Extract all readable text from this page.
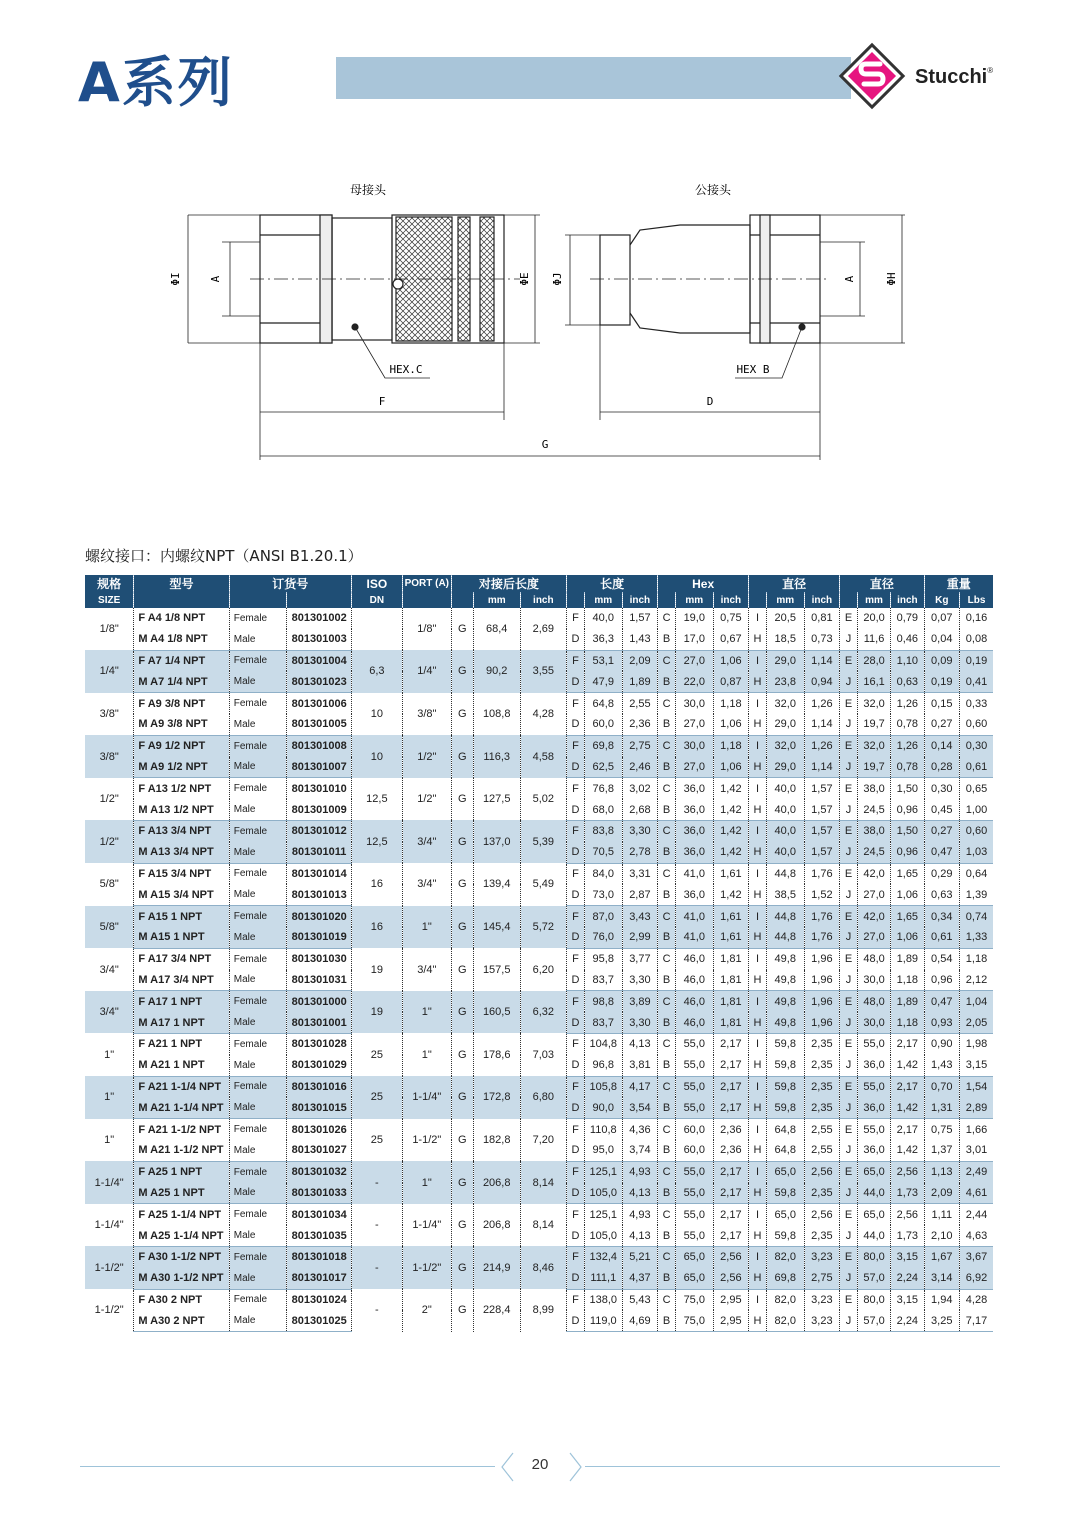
A系列	Stucchi®
母接头	公接头
ΦI A	ΦE ΦJ	A	ΦH
HEX.C	HEX B
F	D
G
螺纹接口：内螺纹NPT（ANSI B1.20.1）
规格	型号	订货号		ISO	PORT (A)	对接后长度			长度			Hex			直径			直径			重量	
SIZE				DN			mm	inch		mm	inch		mm	inch		mm	inch		mm	inch	Kg	Lbs
1/8"	F A4 1/8 NPT	Female	801301002		1/8"	G	68,4	2,69	F	40,0	1,57	C	19,0	0,75	I	20,5	0,81	E	20,0	0,79	0,07	0,16
	M A4 1/8 NPT	Male	801301003						D	36,3	1,43	B	17,0	0,67	H	18,5	0,73	J	11,6	0,46	0,04	0,08
1/4"	F A7 1/4 NPT	Female	801301004	6,3	1/4"	G	90,2	3,55	F	53,1	2,09	C	27,0	1,06	I	29,0	1,14	E	28,0	1,10	0,09	0,19
	M A7 1/4 NPT	Male	801301023						D	47,9	1,89	B	22,0	0,87	H	23,8	0,94	J	16,1	0,63	0,19	0,41
3/8"	F A9 3/8 NPT	Female	801301006	10	3/8"	G	108,8	4,28	F	64,8	2,55	C	30,0	1,18	I	32,0	1,26	E	32,0	1,26	0,15	0,33
	M A9 3/8 NPT	Male	801301005						D	60,0	2,36	B	27,0	1,06	H	29,0	1,14	J	19,7	0,78	0,27	0,60
3/8"	F A9 1/2 NPT	Female	801301008	10	1/2"	G	116,3	4,58	F	69,8	2,75	C	30,0	1,18	I	32,0	1,26	E	32,0	1,26	0,14	0,30
	M A9 1/2 NPT	Male	801301007						D	62,5	2,46	B	27,0	1,06	H	29,0	1,14	J	19,7	0,78	0,28	0,61
1/2"	F A13 1/2 NPT	Female	801301010	12,5	1/2"	G	127,5	5,02	F	76,8	3,02	C	36,0	1,42	I	40,0	1,57	E	38,0	1,50	0,30	0,65
	M A13 1/2 NPT	Male	801301009						D	68,0	2,68	B	36,0	1,42	H	40,0	1,57	J	24,5	0,96	0,45	1,00
1/2"	F A13 3/4 NPT	Female	801301012	12,5	3/4"	G	137,0	5,39	F	83,8	3,30	C	36,0	1,42	I	40,0	1,57	E	38,0	1,50	0,27	0,60
	M A13 3/4 NPT	Male	801301011						D	70,5	2,78	B	36,0	1,42	H	40,0	1,57	J	24,5	0,96	0,47	1,03
5/8"	F A15 3/4 NPT	Female	801301014	16	3/4"	G	139,4	5,49	F	84,0	3,31	C	41,0	1,61	I	44,8	1,76	E	42,0	1,65	0,29	0,64
	M A15 3/4 NPT	Male	801301013						D	73,0	2,87	B	36,0	1,42	H	38,5	1,52	J	27,0	1,06	0,63	1,39
5/8"	F A15 1 NPT	Female	801301020	16	1"	G	145,4	5,72	F	87,0	3,43	C	41,0	1,61	I	44,8	1,76	E	42,0	1,65	0,34	0,74
	M A15 1 NPT	Male	801301019						D	76,0	2,99	B	41,0	1,61	H	44,8	1,76	J	27,0	1,06	0,61	1,33
3/4"	F A17 3/4 NPT	Female	801301030	19	3/4"	G	157,5	6,20	F	95,8	3,77	C	46,0	1,81	I	49,8	1,96	E	48,0	1,89	0,54	1,18
	M A17 3/4 NPT	Male	801301031						D	83,7	3,30	B	46,0	1,81	H	49,8	1,96	J	30,0	1,18	0,96	2,12
3/4"	F A17 1 NPT	Female	801301000	19	1"	G	160,5	6,32	F	98,8	3,89	C	46,0	1,81	I	49,8	1,96	E	48,0	1,89	0,47	1,04
	M A17 1 NPT	Male	801301001						D	83,7	3,30	B	46,0	1,81	H	49,8	1,96	J	30,0	1,18	0,93	2,05
1"	F A21 1 NPT	Female	801301028	25	1"	G	178,6	7,03	F	104,8	4,13	C	55,0	2,17	I	59,8	2,35	E	55,0	2,17	0,90	1,98
	M A21 1 NPT	Male	801301029						D	96,8	3,81	B	55,0	2,17	H	59,8	2,35	J	36,0	1,42	1,43	3,15
1"	F A21 1-1/4 NPT	Female	801301016	25	1-1/4"	G	172,8	6,80	F	105,8	4,17	C	55,0	2,17	I	59,8	2,35	E	55,0	2,17	0,70	1,54
	M A21 1-1/4 NPT	Male	801301015						D	90,0	3,54	B	55,0	2,17	H	59,8	2,35	J	36,0	1,42	1,31	2,89
1"	F A21 1-1/2 NPT	Female	801301026	25	1-1/2"	G	182,8	7,20	F	110,8	4,36	C	60,0	2,36	I	64,8	2,55	E	55,0	2,17	0,75	1,66
	M A21 1-1/2 NPT	Male	801301027						D	95,0	3,74	B	60,0	2,36	H	64,8	2,55	J	36,0	1,42	1,37	3,01
1-1/4"	F A25 1 NPT	Female	801301032	-	1"	G	206,8	8,14	F	125,1	4,93	C	55,0	2,17	I	65,0	2,56	E	65,0	2,56	1,13	2,49
	M A25 1 NPT	Male	801301033						D	105,0	4,13	B	55,0	2,17	H	59,8	2,35	J	44,0	1,73	2,09	4,61
1-1/4"	F A25 1-1/4 NPT	Female	801301034	-	1-1/4"	G	206,8	8,14	F	125,1	4,93	C	55,0	2,17	I	65,0	2,56	E	65,0	2,56	1,11	2,44
	M A25 1-1/4 NPT	Male	801301035						D	105,0	4,13	B	55,0	2,17	H	59,8	2,35	J	44,0	1,73	2,10	4,63
1-1/2"	F A30 1-1/2 NPT	Female	801301018	-	1-1/2"	G	214,9	8,46	F	132,4	5,21	C	65,0	2,56	I	82,0	3,23	E	80,0	3,15	1,67	3,67
	M A30 1-1/2 NPT	Male	801301017						D	111,1	4,37	B	65,0	2,56	H	69,8	2,75	J	57,0	2,24	3,14	6,92
1-1/2"	F A30 2 NPT	Female	801301024	-	2"	G	228,4	8,99	F	138,0	5,43	C	75,0	2,95	I	82,0	3,23	E	80,0	3,15	1,94	4,28
	M A30 2 NPT	Male	801301025						D	119,0	4,69	B	75,0	2,95	H	82,0	3,23	J	57,0	2,24	3,25	7,17
20
